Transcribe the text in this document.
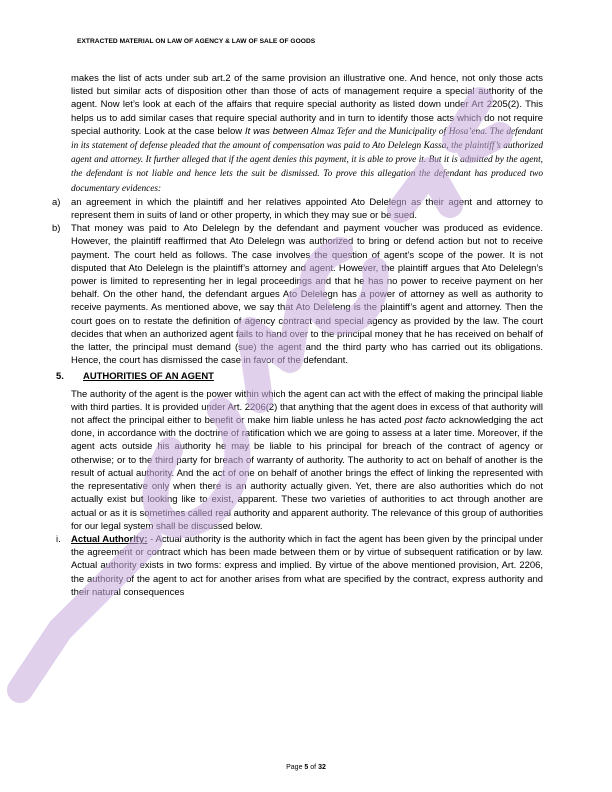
EXTRACTED MATERIAL ON LAW OF AGENCY & LAW OF SALE OF GOODS

makes the list of acts under sub art.2 of the same provision an illustrative one. And hence, not only those acts listed but similar acts of disposition other than those of acts of management require a special authority of the agent. Now let’s look at each of the affairs that require special authority as listed down under Art 2205(2). This helps us to add similar cases that require special authority and in turn to identify those acts which do not require special authority. Look at the case below It was between Almaz Tefer and the Municipality of Hosa’ena. The defendant in its statement of defense pleaded that the amount of compensation was paid to Ato Delelegn Kassa, the plaintiff’s authorized agent and attorney. It further alleged that if the agent denies this payment, it is able to prove it. But it is admitted by the agent, the defendant is not liable and hence lets the suit be dismissed. To prove this allegation the defendant has produced two documentary evidences:

a) an agreement in which the plaintiff and her relatives appointed Ato Delelegn as their agent and attorney to represent them in suits of land or other property, in which they may sue or be sued.

b) That money was paid to Ato Delelegn by the defendant and payment voucher was produced as evidence. However, the plaintiff reaffirmed that Ato Delelegn was authorized to bring or defend action but not to receive payment. The court held as follows. The case involves the question of agent’s scope of the power. It is not disputed that Ato Delelegn is the plaintiff’s attorney and agent. However, the plaintiff argues that Ato Delelegn’s power is limited to representing her in legal proceedings and that he has no power to receive payment on her behalf. On the other hand, the defendant argues Ato Delelegn has a power of attorney as well as authority to receive payments. As mentioned above, we say that Ato Deleleng is the plaintiff’s agent and attorney. Then the court goes on to restate the definition of agency contract and special agency as provided by the law. The court decides that when an authorized agent fails to hand over to the principal money that he has received on behalf of the latter, the principal must demand (sue) the agent and the third party who has carried out its obligations. Hence, the court has dismissed the case in favor of the defendant.

5. AUTHORITIES OF AN AGENT

The authority of the agent is the power within which the agent can act with the effect of making the principal liable with third parties. It is provided under Art. 2206(2) that anything that the agent does in excess of that authority will not affect the principal either to benefit or make him liable unless he has acted post facto acknowledging the act done, in accordance with the doctrine of ratification which we are going to assess at a later time. Moreover, if the agent acts outside his authority he may be liable to his principal for breach of the contract of agency or otherwise; or to the third party for breach of warranty of authority. The authority to act on behalf of another is the result of actual authority. And the act of one on behalf of another brings the effect of linking the represented with the representative only when there is an authority actually given. Yet, there are also authorities which do not actually exist but looking like to exist, apparent. These two varieties of authorities to act through another are actual or as it is sometimes called real authority and apparent authority. The relevance of this group of authorities for our legal system shall be discussed below.

i. Actual Authority: - Actual authority is the authority which in fact the agent has been given by the principal under the agreement or contract which has been made between them or by virtue of subsequent ratification or by law. Actual authority exists in two forms: express and implied. By virtue of the above mentioned provision, Art. 2206, the authority of the agent to act for another arises from what are specified by the contract, express authority and their natural consequences

Page 5 of 32
